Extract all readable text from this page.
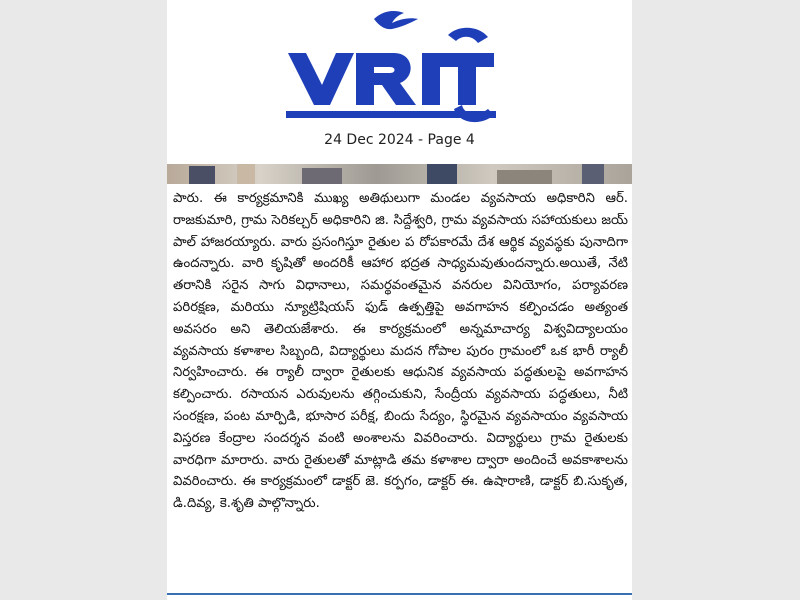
24 Dec 2024 - Page 4

పారు. ఈ కార్యక్రమానికి ముఖ్య అతిథులుగా మండల వ్యవసాయ అధికారిని ఆర్. రాజకుమారి, గ్రామ సెరికల్చర్ అధికారిని జి. సిద్దేశ్వరి, గ్రామ వ్యవసాయ సహాయకులు జయ్ పాల్ హాజరయ్యారు. వారు ప్రసంగిస్తూ రైతుల ప రోపకారమే దేశ ఆర్థిక వ్యవస్థకు పునాదిగా ఉందన్నారు. వారి కృషితో అందరికీ ఆహార భద్రత సాధ్యమవుతుందన్నారు.అయితే, నేటి తరానికి సరైన సాగు విధానాలు, సమర్థవంతమైన వనరుల వినియోగం, పర్యావరణ పరిరక్షణ, మరియు న్యూట్రిషియస్ ఫుడ్ ఉత్పత్తిపై అవగాహన కల్పించడం అత్యంత అవసరం అని తెలియజేశారు. ఈ కార్యక్రమంలో అన్నమాచార్య విశ్వవిద్యాలయం వ్యవసాయ కళాశాల సిబ్బంది, విద్యార్థులు మదన గోపాల పురం గ్రామంలో ఒక భారీ ర్యాలీ నిర్వహించారు. ఈ ర్యాలీ ద్వారా రైతులకు ఆధునిక వ్యవసాయ పద్ధతులపై అవగాహన కల్పించారు. రసాయన ఎరువులను తగ్గించుకుని, సేంద్రీయ వ్యవసాయ పద్ధతులు, నీటి సంరక్షణ, పంట మార్పిడి, భూసార పరీక్ష, బిందు సేద్యం, స్థిరమైన వ్యవసాయం వ్యవసాయ విస్తరణ కేంద్రాల సందర్శన వంటి అంశాలను వివరించారు. విద్యార్థులు గ్రామ రైతులకు వారధిగా మారారు. వారు రైతులతో మాట్లాడి తమ కళాశాల ద్వారా అందించే అవకాశాలను వివరించారు. ఈ కార్యక్రమంలో డాక్టర్ జె. కర్పగం, డాక్టర్ ఈ. ఉషారాణి, డాక్టర్ బి.సుకృత, డి.దివ్య, కె.శృతి పాల్గొన్నారు.
